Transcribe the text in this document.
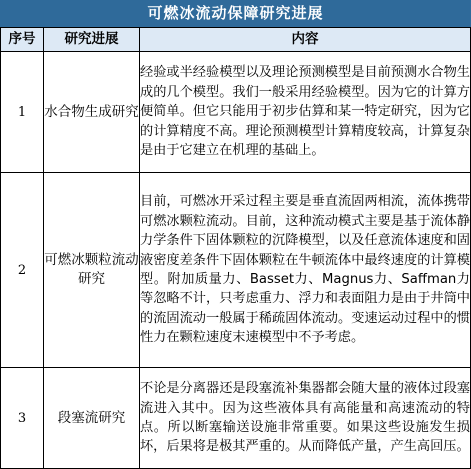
可燃冰流动保障研究进展
序号	研究进展	内容
1	水合物生成研究	经验或半经验模型以及理论预测模型是目前预测水合物生成的几个模型。我们一般采用经验模型。因为它的计算方便简单。但它只能用于初步估算和某一特定研究，因为它的计算精度不高。理论预测模型计算精度较高，计算复杂是由于它建立在机理的基础上。
2	可燃冰颗粒流动研究	目前，可燃冰开采过程主要是垂直流固两相流，流体携带可燃冰颗粒流动。目前，这种流动模式主要是基于流体静力学条件下固体颗粒的沉降模型，以及任意流体速度和固液密度差条件下固体颗粒在牛顿流体中最终速度的计算模型。附加质量力、Basset力、Magnus力、Saffman力等忽略不计，只考虑重力、浮力和表面阻力是由于井筒中的流固流动一般属于稀疏固体流动。变速运动过程中的惯性力在颗粒速度末速模型中不予考虑。
3	段塞流研究	不论是分离器还是段塞流补集器都会随大量的液体过段塞流进入其中。因为这些液体具有高能量和高速流动的特点。所以断塞输送设施非常重要。如果这些设施发生损坏，后果将是极其严重的。从而降低产量，产生高回压。
